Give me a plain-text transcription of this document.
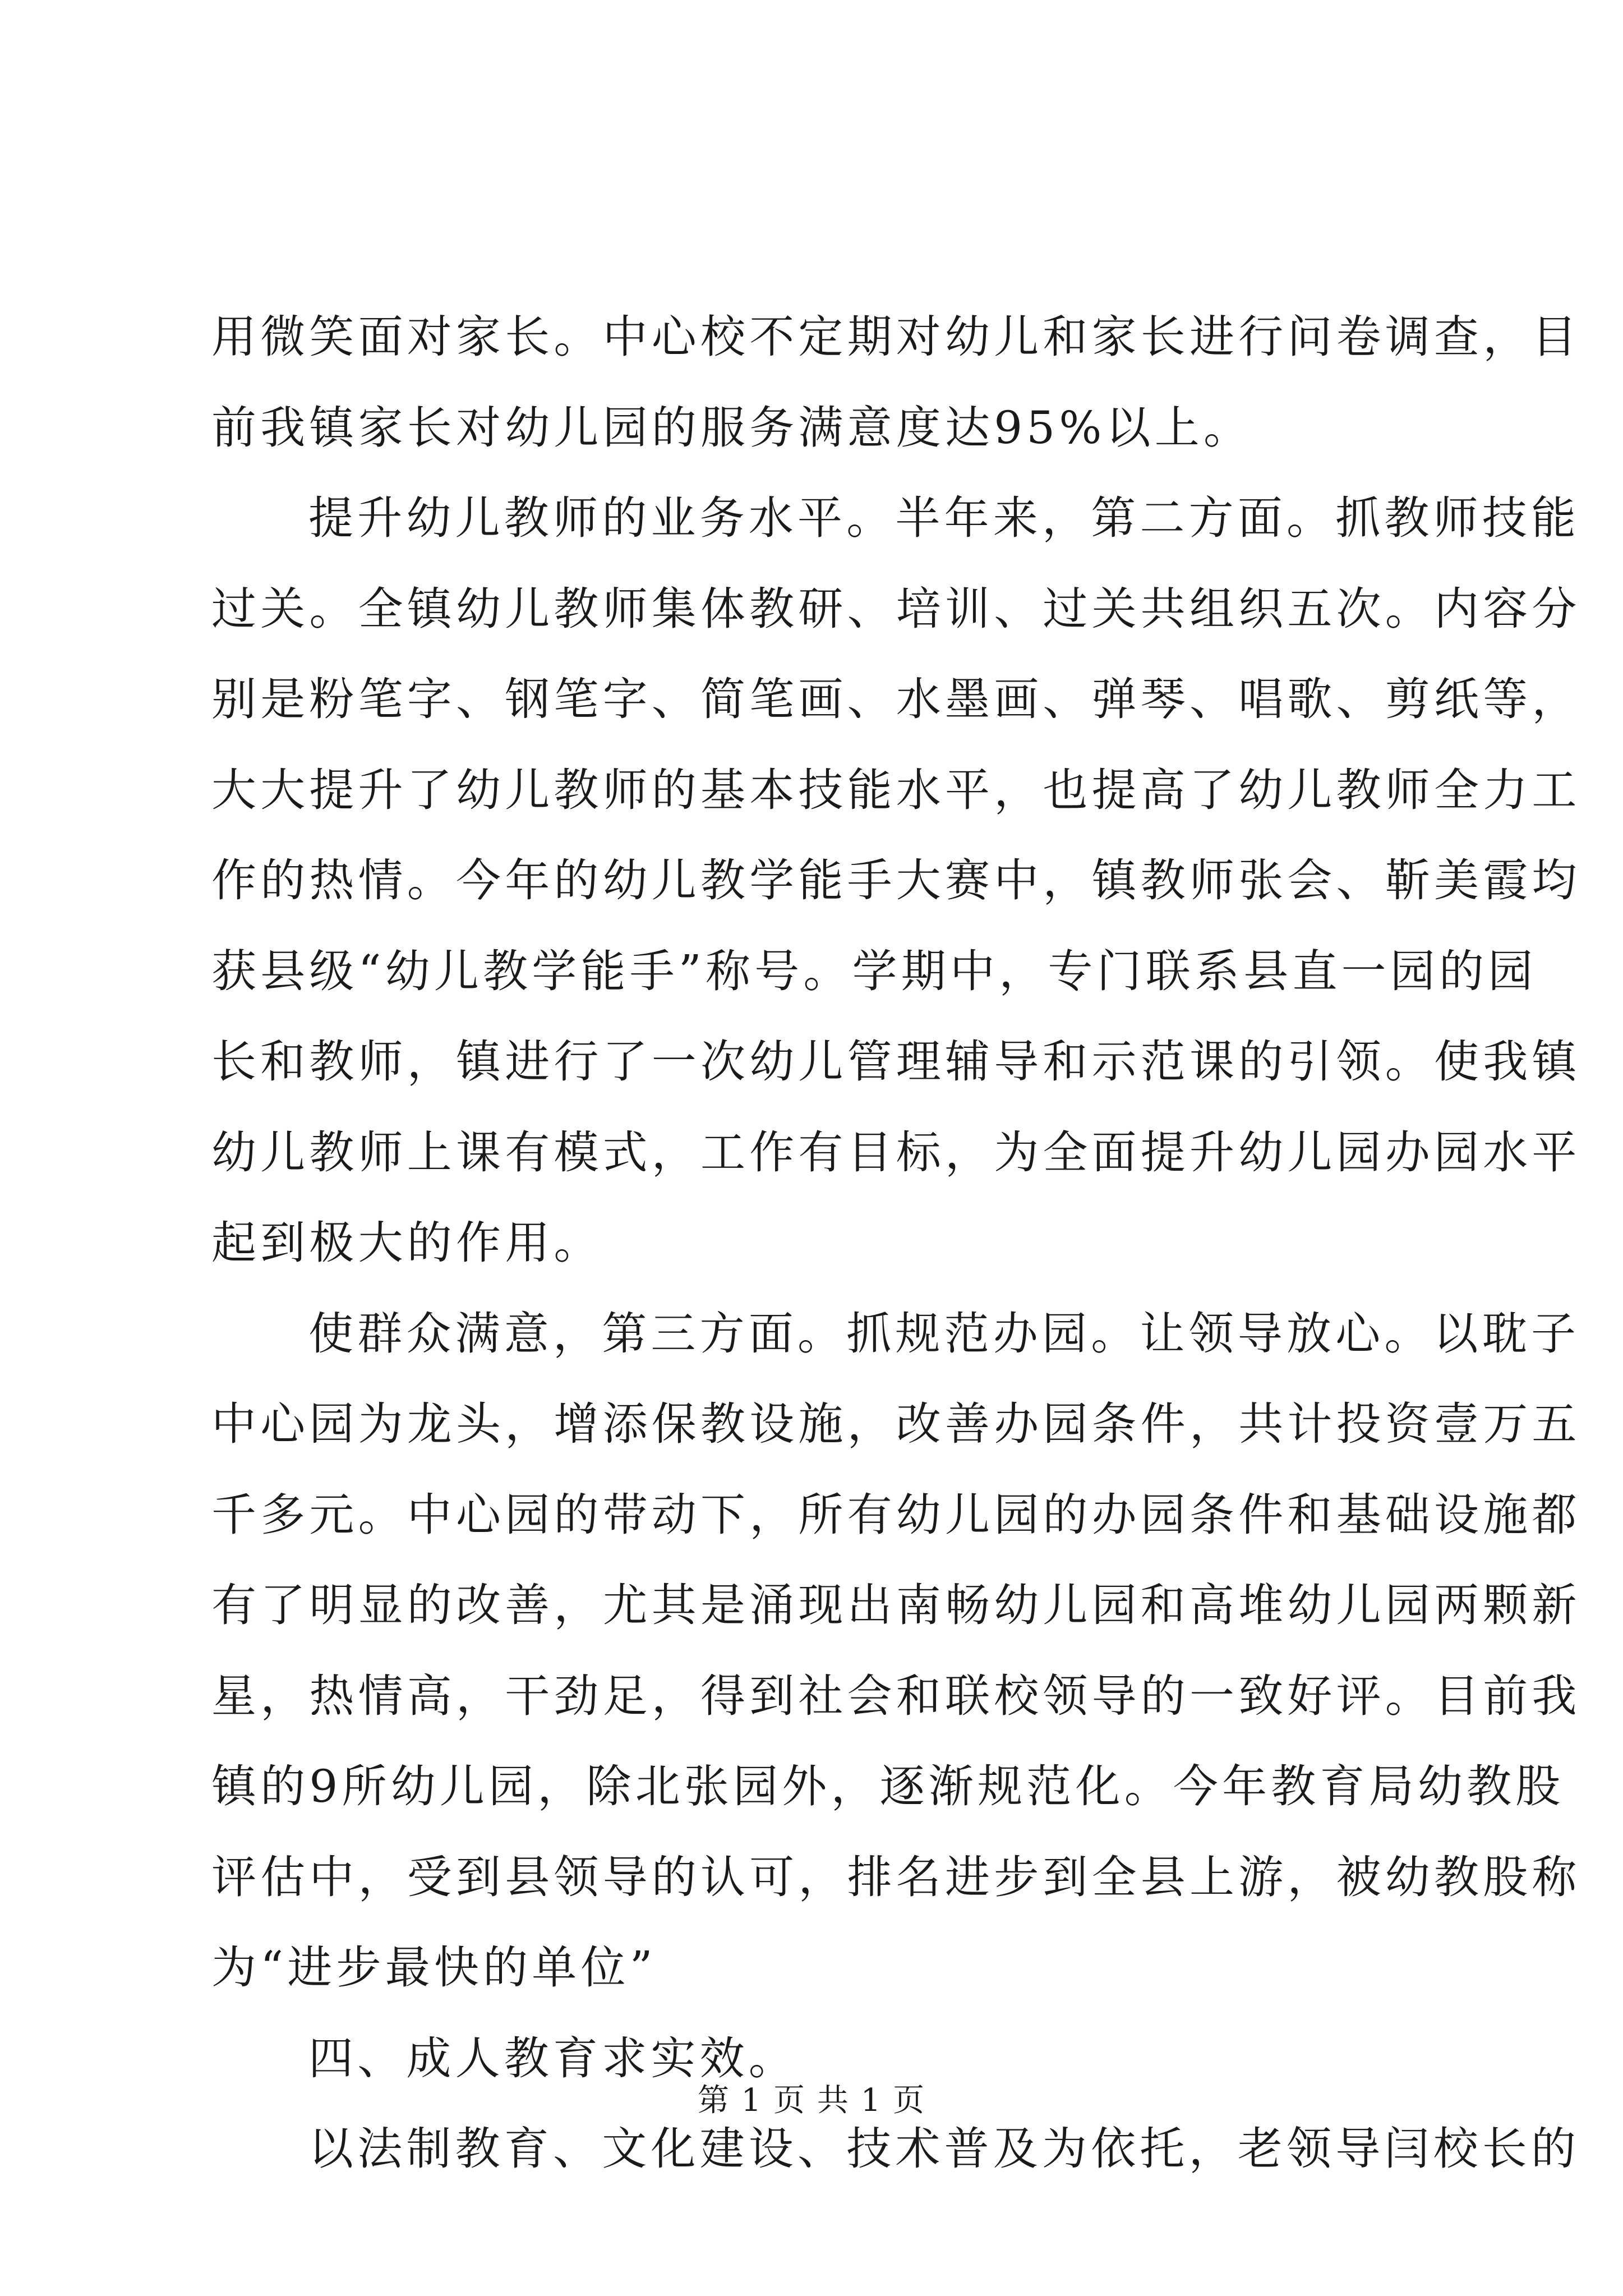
用微笑面对家长。中心校不定期对幼儿和家长进行问卷调查，目
前我镇家长对幼儿园的服务满意度达95%以上。
提升幼儿教师的业务水平。半年来，第二方面。抓教师技能
过关。全镇幼儿教师集体教研、培训、过关共组织五次。内容分
别是粉笔字、钢笔字、简笔画、水墨画、弹琴、唱歌、剪纸等，
大大提升了幼儿教师的基本技能水平，也提高了幼儿教师全力工
作的热情。今年的幼儿教学能手大赛中，镇教师张会、靳美霞均
获县级“幼儿教学能手”称号。学期中，专门联系县直一园的园
长和教师，镇进行了一次幼儿管理辅导和示范课的引领。使我镇
幼儿教师上课有模式，工作有目标，为全面提升幼儿园办园水平
起到极大的作用。
使群众满意，第三方面。抓规范办园。让领导放心。以耽子
中心园为龙头，增添保教设施，改善办园条件，共计投资壹万五
千多元。中心园的带动下，所有幼儿园的办园条件和基础设施都
有了明显的改善，尤其是涌现出南畅幼儿园和高堆幼儿园两颗新
星，热情高，干劲足，得到社会和联校领导的一致好评。目前我
镇的9所幼儿园，除北张园外，逐渐规范化。今年教育局幼教股
评估中，受到县领导的认可，排名进步到全县上游，被幼教股称
为“进步最快的单位”
四、成人教育求实效。
以法制教育、文化建设、技术普及为依托，老领导闫校长的
第 1 页 共 1 页
